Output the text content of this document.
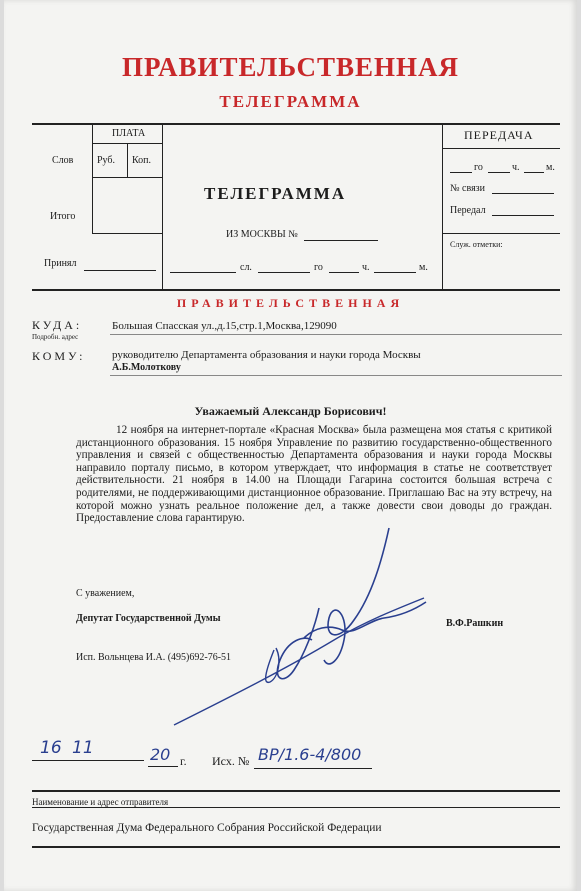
ПРАВИТЕЛЬСТВЕННАЯ
ТЕЛЕГРАММА
ПЛАТА
Слов Руб. Коп.
Итого
Принял
ТЕЛЕГРАММА
ИЗ МОСКВЫ №
сл.	го	ч.	м.
ПЕРЕДАЧА
го	ч.	м.
№ связи
Передал
Служ. отметки:
ПРАВИТЕЛЬСТВЕННАЯ
КУДА:
Подробн. адрес
Большая Спасская ул.,д.15,стр.1,Москва,129090
КОМУ: руководителю Департамента образования и науки города Москвы
А.Б.Молоткову
Уважаемый Александр Борисович!
12 ноября на интернет-портале «Красная Москва» была размещена моя статья с критикой дистанционного образования. 15 ноября Управление по развитию государственно-общественного управления и связей с общественностью Департамента образования и науки города Москвы направило порталу письмо, в котором утверждает, что информация в статье не соответствует действительности. 21 ноября в 14.00 на Площади Гагарина состоится большая встреча с родителями, не поддерживающими дистанционное образование. Приглашаю Вас на эту встречу, на которой можно узнать реальное положение дел, а также довести свои доводы до граждан. Предоставление слова гарантирую.
С уважением,
Депутат Государственной Думы	В.Ф.Рашкин
Исп. Вольнцева И.А. (495)692-76-51
16 11	20 г. Исх. № ВР/1.6-4/800
Наименование и адрес отправителя
Государственная Дума Федерального Собрания Российской Федерации
